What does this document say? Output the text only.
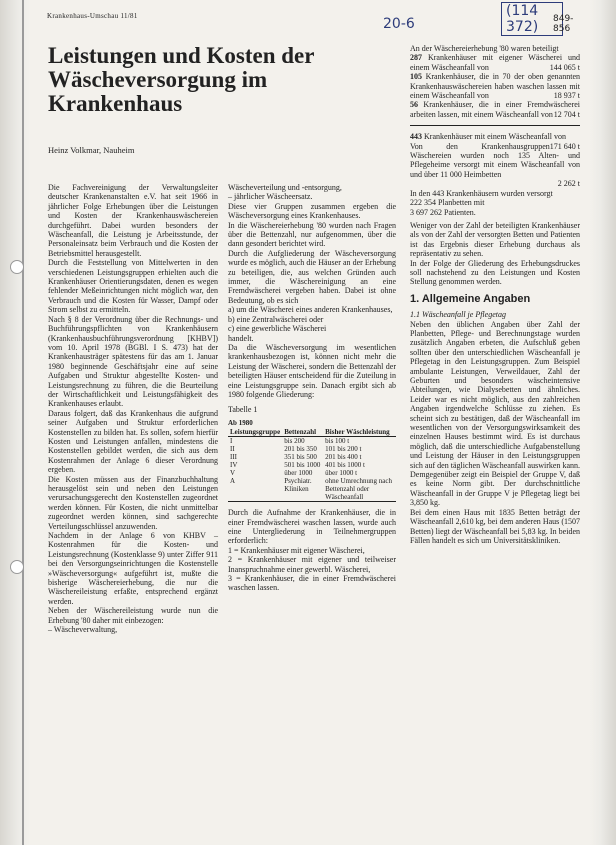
Krankenhaus-Umschau 11/81	20-6
(114 372)	849-856
Leistungen und Kosten der Wäscheversorgung im Krankenhaus
Heinz Volkmar, Nauheim

Die Fachvereinigung der Verwaltungsleiter deutscher Krankenanstalten e.V. hat seit 1966 in jährlicher Folge Erhebungen über die Leistungen und Kosten der Krankenhauswäschereien durchgeführt. Dabei wurden besonders der Wäscheanfall, die Leistung je Arbeitsstunde, der Personaleinsatz beim Verbrauch und die Kosten der Betriebsmittel herausgestellt.

Durch die Feststellung von Mittelwerten in den verschiedenen Leistungsgruppen erhielten auch die Krankenhäuser Orientierungsdaten, denen es wegen fehlender Meßeinrichtungen nicht möglich war, den Verbrauch und die Kosten für Wasser, Dampf oder Strom selbst zu ermitteln.

Nach § 8 der Verordnung über die Rechnungs- und Buchführungspflichten von Krankenhäusern (Krankenhausbuchführungsverordnung [KHBV]) vom 10. April 1978 (BGBl. I S. 473) hat der Krankenhausträger spätestens für das am 1. Januar 1980 beginnende Geschäftsjahr eine auf seine Aufgaben und Struktur abgestellte Kosten- und Leistungsrechnung zu führen, die die Beurteilung der Wirtschaftlichkeit und Leistungsfähigkeit des Krankenhauses erlaubt.

Daraus folgert, daß das Krankenhaus die aufgrund seiner Aufgaben und Struktur erforderlichen Kostenstellen zu bilden hat. Es sollen, sofern hierfür Kosten und Leistungen anfallen, mindestens die Kostenstellen gebildet werden, die sich aus dem Kostenrahmen der Anlage 6 dieser Verordnung ergeben.

Die Kosten müssen aus der Finanzbuchhaltung herausgelöst sein und neben den Leistungen verursachungsgerecht den Kostenstellen zugeordnet werden können. Für Kosten, die nicht unmittelbar zugeordnet werden können, sind sachgerechte Verteilungsschlüssel anzuwenden.

Nachdem in der Anlage 6 von KHBV – Kostenrahmen für die Kosten- und Leistungsrechnung (Kostenklasse 9) unter Ziffer 911 bei den Versorgungseinrichtungen die Kostenstelle »Wäscheversorgung« aufgeführt ist, mußte die bisherige Wäschereierhebung, die nur die Wäschereileistung erfaßte, entsprechend ergänzt werden.

Neben der Wäschereileistung wurde nun die Erhebung '80 daher mit einbezogen:

– Wäscheverwaltung,

Wäscheverteilung und -entsorgung,

– jährlicher Wäscheersatz.

Diese vier Gruppen zusammen ergeben die Wäscheversorgung eines Krankenhauses.

In die Wäschereierhebung '80 wurden nach Fragen über die Bettenzahl, nur aufgenommen, über die dann gesondert berichtet wird.

Durch die Aufgliederung der Wäscheversorgung wurde es möglich, auch die Häuser an der Erhebung zu beteiligen, die, aus welchen Gründen auch immer, die Wäschereinigung an eine Fremdwäscherei vergeben haben. Dabei ist ohne Bedeutung, ob es sich

a) um die Wäscherei eines anderen Krankenhauses,

b) eine Zentralwäscherei oder

c) eine gewerbliche Wäscherei

handelt.

Da die Wäscheversorgung im wesentlichen krankenhausbezogen ist, können nicht mehr die Leistung der Wäscherei, sondern die Bettenzahl der beteiligten Häuser entscheidend für die Zuteilung in eine Leistungsgruppe sein. Danach ergibt sich ab 1980 folgende Gliederung:

Tabelle 1
Ab 1980
Leistungsgruppe	Bettenzahl	Bisher Wäschleistung
I	bis 200	bis 100 t
II	201 bis 350	101 bis 200 t
III	351 bis 500	201 bis 400 t
IV	501 bis 1000	401 bis 1000 t
V	über 1000	über 1000 t
A	Psychiatr. Kliniken	ohne Umrechnung nach Bettenzahl oder Wäscheanfall

Durch die Aufnahme der Krankenhäuser, die in einer Fremdwäscherei waschen lassen, wurde auch eine Untergliederung in Teilnehmergruppen erforderlich:

1 = Krankenhäuser mit eigener Wäscherei,

2 = Krankenhäuser mit eigener und teilweiser Inanspruchnahme einer gewerbl. Wäscherei,

3 = Krankenhäuser, die in einer Fremdwäscherei waschen lassen.

An der Wäschereierhebung '80 waren beteiligt

287 Krankenhäuser mit eigener Wäscherei und einem Wäscheanfall von	144 065 t

105 Krankenhäuser, die in 70 der oben genannten Krankenhauswäschereien haben waschen lassen mit einem Wäscheanfall von	18 937 t

56 Krankenhäuser, die in einer Fremdwäscherei arbeiten lassen, mit einem Wäscheanfall von 12 704 t

443 Krankenhäuser mit einem Wäscheanfall von
171 640 t

Von den Krankenhausgruppen Wäschereien wurden noch 135 Alten- und Pflegeheime versorgt mit einem Wäscheanfall von und über 11 000 Heimbetten

2 262 t

In den 443 Krankenhäusern wurden versorgt

222 354 Planbetten mit

3 697 262 Patienten.

Weniger von der Zahl der beteiligten Krankenhäuser als von der Zahl der versorgten Betten und Patienten ist das Ergebnis dieser Erhebung durchaus als repräsentativ zu sehen.

In der Folge der Gliederung des Erhebungsdruckes soll nachstehend zu den Leistungen und Kosten Stellung genommen werden.

1. Allgemeine Angaben

1.1 Wäscheanfall je Pflegetag

Neben den üblichen Angaben über Zahl der Planbetten, Pflege- und Berechnungstage wurden zusätzlich Angaben erbeten, die Aufschluß geben sollten über den unterschiedlichen Wäscheanfall je Pflegetag in den Leistungsgruppen. Zum Beispiel ambulante Leistungen, Verweildauer, Zahl der Geburten und besonders wäscheintensive Abteilungen, wie Dialysebetten und ähnliches. Leider war es nicht möglich, aus den zahlreichen Angaben irgendwelche Schlüsse zu ziehen. Es scheint sich zu bestätigen, daß der Wäscheanfall im wesentlichen von der Versorgungswirksamkeit des einzelnen Hauses bestimmt wird. Es ist durchaus möglich, daß die unterschiedliche Aufgabenstellung und Leistung der Häuser in den Leistungsgruppen sich auf den täglichen Wäscheanfall auswirken kann. Demgegenüber zeigt ein Beispiel der Gruppe V, daß es keine Norm gibt. Der durchschnittliche Wäscheanfall in der Gruppe V je Pflegetag liegt bei 3,850 kg.

Bei dem einen Haus mit 1835 Betten beträgt der Wäscheanfall 2,610 kg, bei dem anderen Haus (1507 Betten) liegt der Wäscheanfall bei 5,83 kg. In beiden Fällen handelt es sich um Universitätskliniken.
